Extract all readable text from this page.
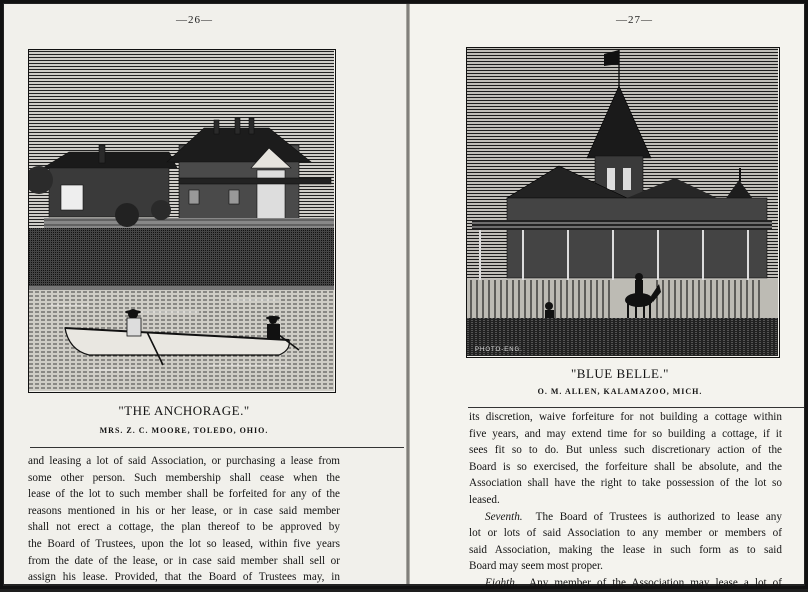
—26—
"THE ANCHORAGE."
MRS. Z. C. MOORE, TOLEDO, OHIO.
and leasing a lot of said Association, or purchasing a lease from
some other person. Such membership shall cease when the
lease of the lot to such member shall be forfeited for any of the
reasons mentioned in his or her lease, or in case said member
shall not erect a cottage, the plan thereof to be approved by
the Board of Trustees, upon the lot so leased, within five years
from the date of the lease, or in case said member shall sell or
assign his lease. Provided, that the Board of Trustees may, in
—27—
PHOTO-ENG.
"BLUE BELLE."
O. M. ALLEN, KALAMAZOO, MICH.
its discretion, waive forfeiture for not building a cottage within
five years, and may extend time for so building a cottage, if it
sees fit so to do. But unless such discretionary action of the
Board is so exercised, the forfeiture shall be absolute, and the
Association shall have the right to take possession of the lot so
leased.
Seventh. The Board of Trustees is authorized to lease any
lot or lots of said Association to any member or members of
said Association, making the lease in such form as to said
Board may seem most proper.
Eighth. Any member of the Association may lease a lot of
